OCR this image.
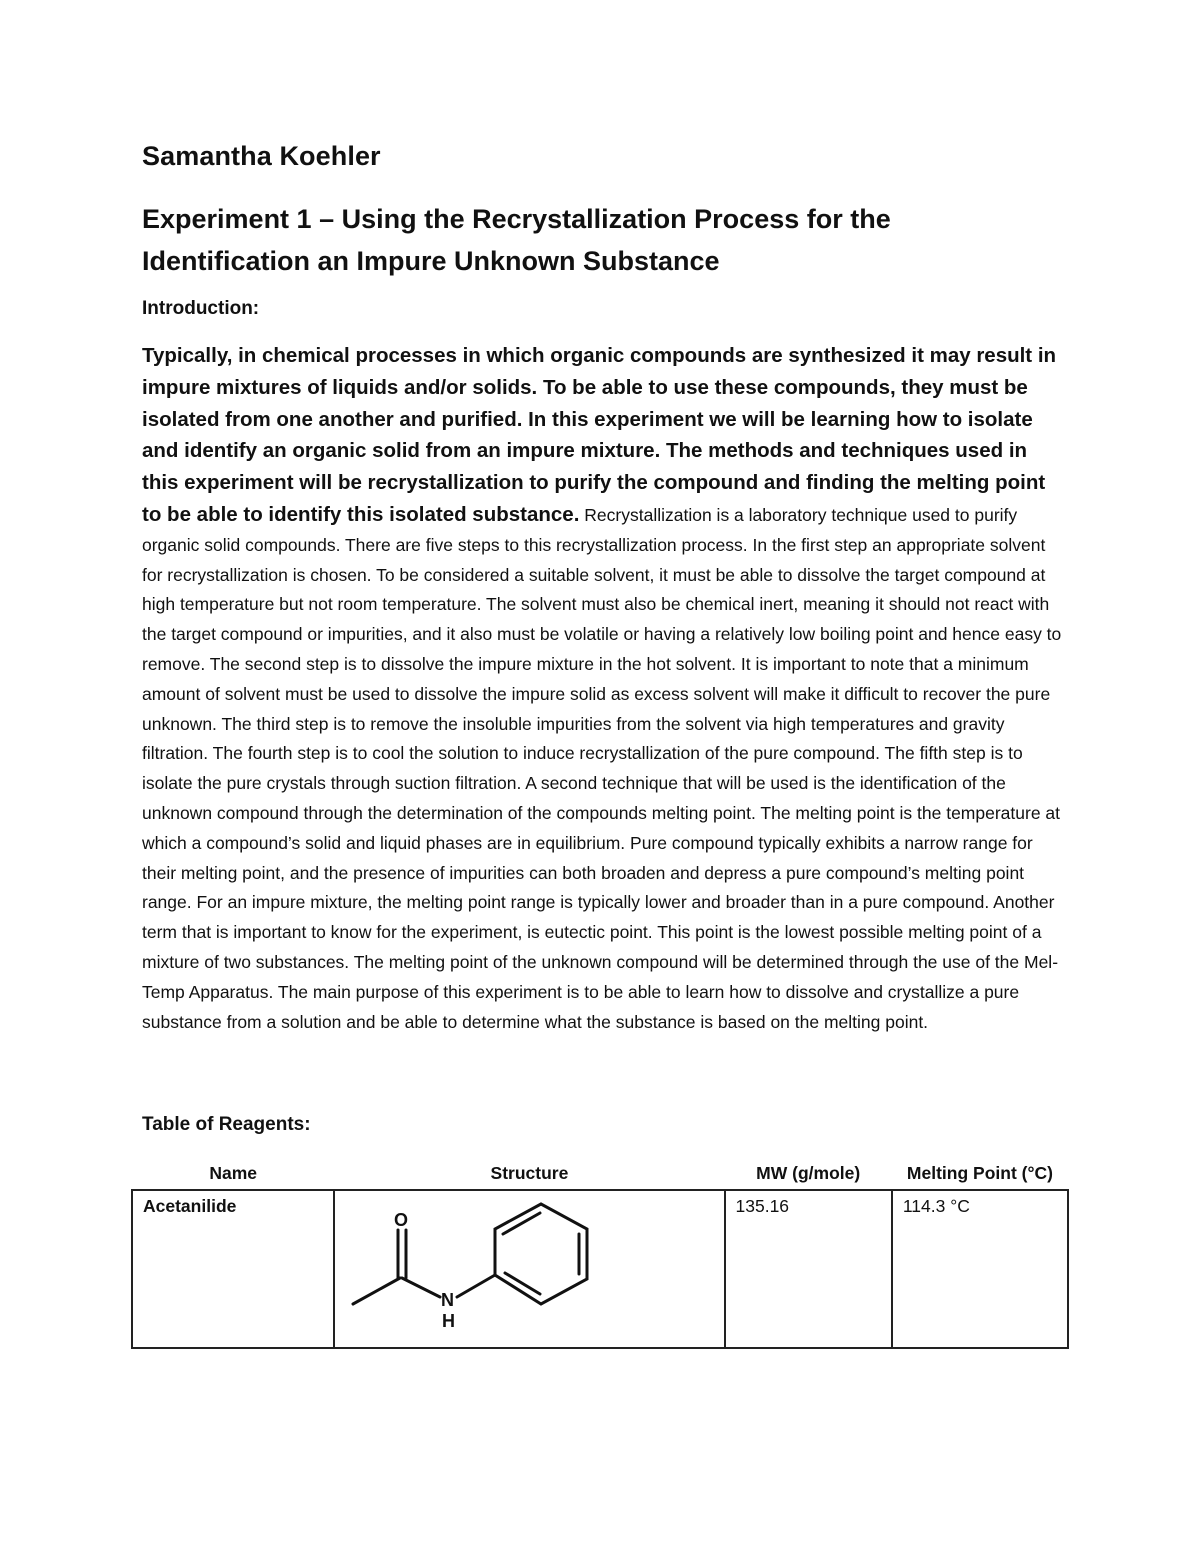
Samantha Koehler
Experiment 1 – Using the Recrystallization Process for the
Identification an Impure Unknown Substance
Introduction:

Typically, in chemical processes in which organic compounds are synthesized it may result in impure mixtures of liquids and/or solids. To be able to use these compounds, they must be isolated from one another and purified. In this experiment we will be learning how to isolate and identify an organic solid from an impure mixture. The methods and techniques used in this experiment will be recrystallization to purify the compound and finding the melting point to be able to identify this isolated substance. Recrystallization is a laboratory technique used to purify organic solid compounds. There are five steps to this recrystallization process. In the first step an appropriate solvent for recrystallization is chosen. To be considered a suitable solvent, it must be able to dissolve the target compound at high temperature but not room temperature. The solvent must also be chemical inert, meaning it should not react with the target compound or impurities, and it also must be volatile or having a relatively low boiling point and hence easy to remove. The second step is to dissolve the impure mixture in the hot solvent. It is important to note that a minimum amount of solvent must be used to dissolve the impure solid as excess solvent will make it difficult to recover the pure unknown. The third step is to remove the insoluble impurities from the solvent via high temperatures and gravity filtration. The fourth step is to cool the solution to induce recrystallization of the pure compound. The fifth step is to isolate the pure crystals through suction filtration. A second technique that will be used is the identification of the unknown compound through the determination of the compounds melting point. The melting point is the temperature at which a compound’s solid and liquid phases are in equilibrium. Pure compound typically exhibits a narrow range for their melting point, and the presence of impurities can both broaden and depress a pure compound’s melting point range. For an impure mixture, the melting point range is typically lower and broader than in a pure compound. Another term that is important to know for the experiment, is eutectic point. This point is the lowest possible melting point of a mixture of two substances. The melting point of the unknown compound will be determined through the use of the Mel-Temp Apparatus. The main purpose of this experiment is to be able to learn how to dissolve and crystallize a pure substance from a solution and be able to determine what the substance is based on the melting point.

Table of Reagents:
Name	Structure	MW (g/mole)	Melting Point (°C)
Acetanilide	O
N
H	135.16	114.3 °C
